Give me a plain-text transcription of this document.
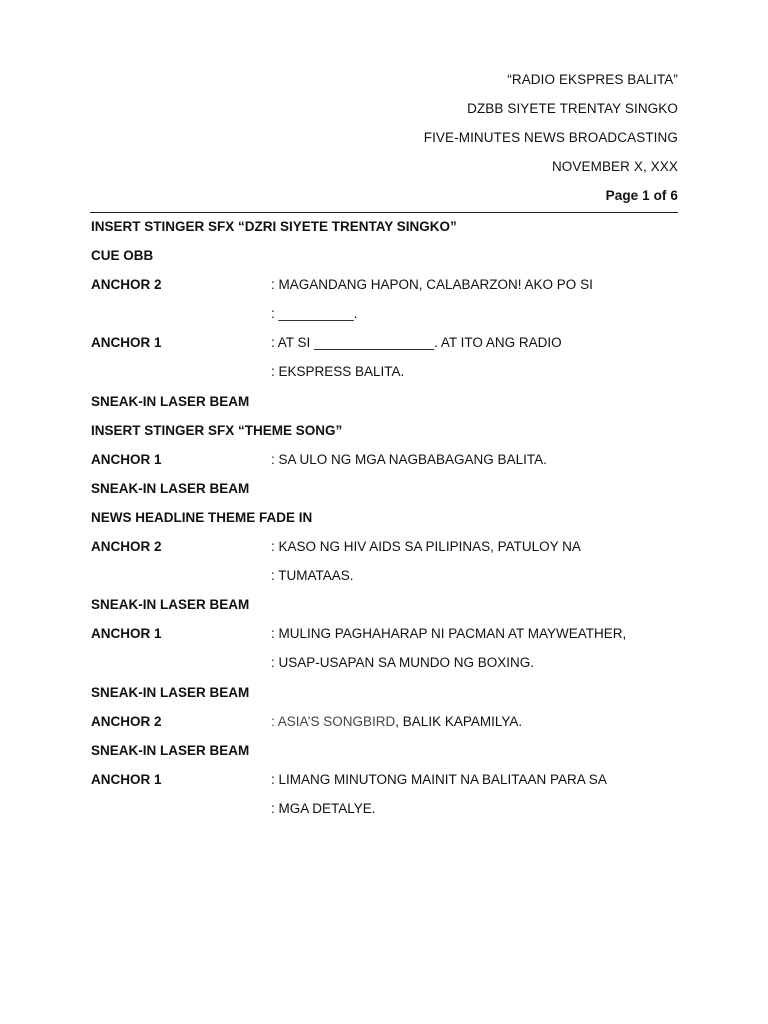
“RADIO EKSPRES BALITA”
DZBB SIYETE TRENTAY SINGKO
FIVE-MINUTES NEWS BROADCASTING
NOVEMBER X, XXX
Page 1 of 6
INSERT STINGER SFX “DZRI SIYETE TRENTAY SINGKO”
CUE OBB
ANCHOR 2	: MAGANDANG HAPON, CALABARZON! AKO PO SI
: __________.
ANCHOR 1	: AT SI ________________. AT ITO ANG RADIO
: EKSPRESS BALITA.
SNEAK-IN LASER BEAM
INSERT STINGER SFX “THEME SONG”
ANCHOR 1	: SA ULO NG MGA NAGBABAGANG BALITA.
SNEAK-IN LASER BEAM
NEWS HEADLINE THEME FADE IN
ANCHOR 2	: KASO NG HIV AIDS SA PILIPINAS, PATULOY NA
: TUMATAAS.
SNEAK-IN LASER BEAM
ANCHOR 1	: MULING PAGHAHARAP NI PACMAN AT MAYWEATHER,
: USAP-USAPAN SA MUNDO NG BOXING.
SNEAK-IN LASER BEAM
ANCHOR 2	: ASIA’S SONGBIRD, BALIK KAPAMILYA.
SNEAK-IN LASER BEAM
ANCHOR 1	: LIMANG MINUTONG MAINIT NA BALITAAN PARA SA
: MGA DETALYE.
